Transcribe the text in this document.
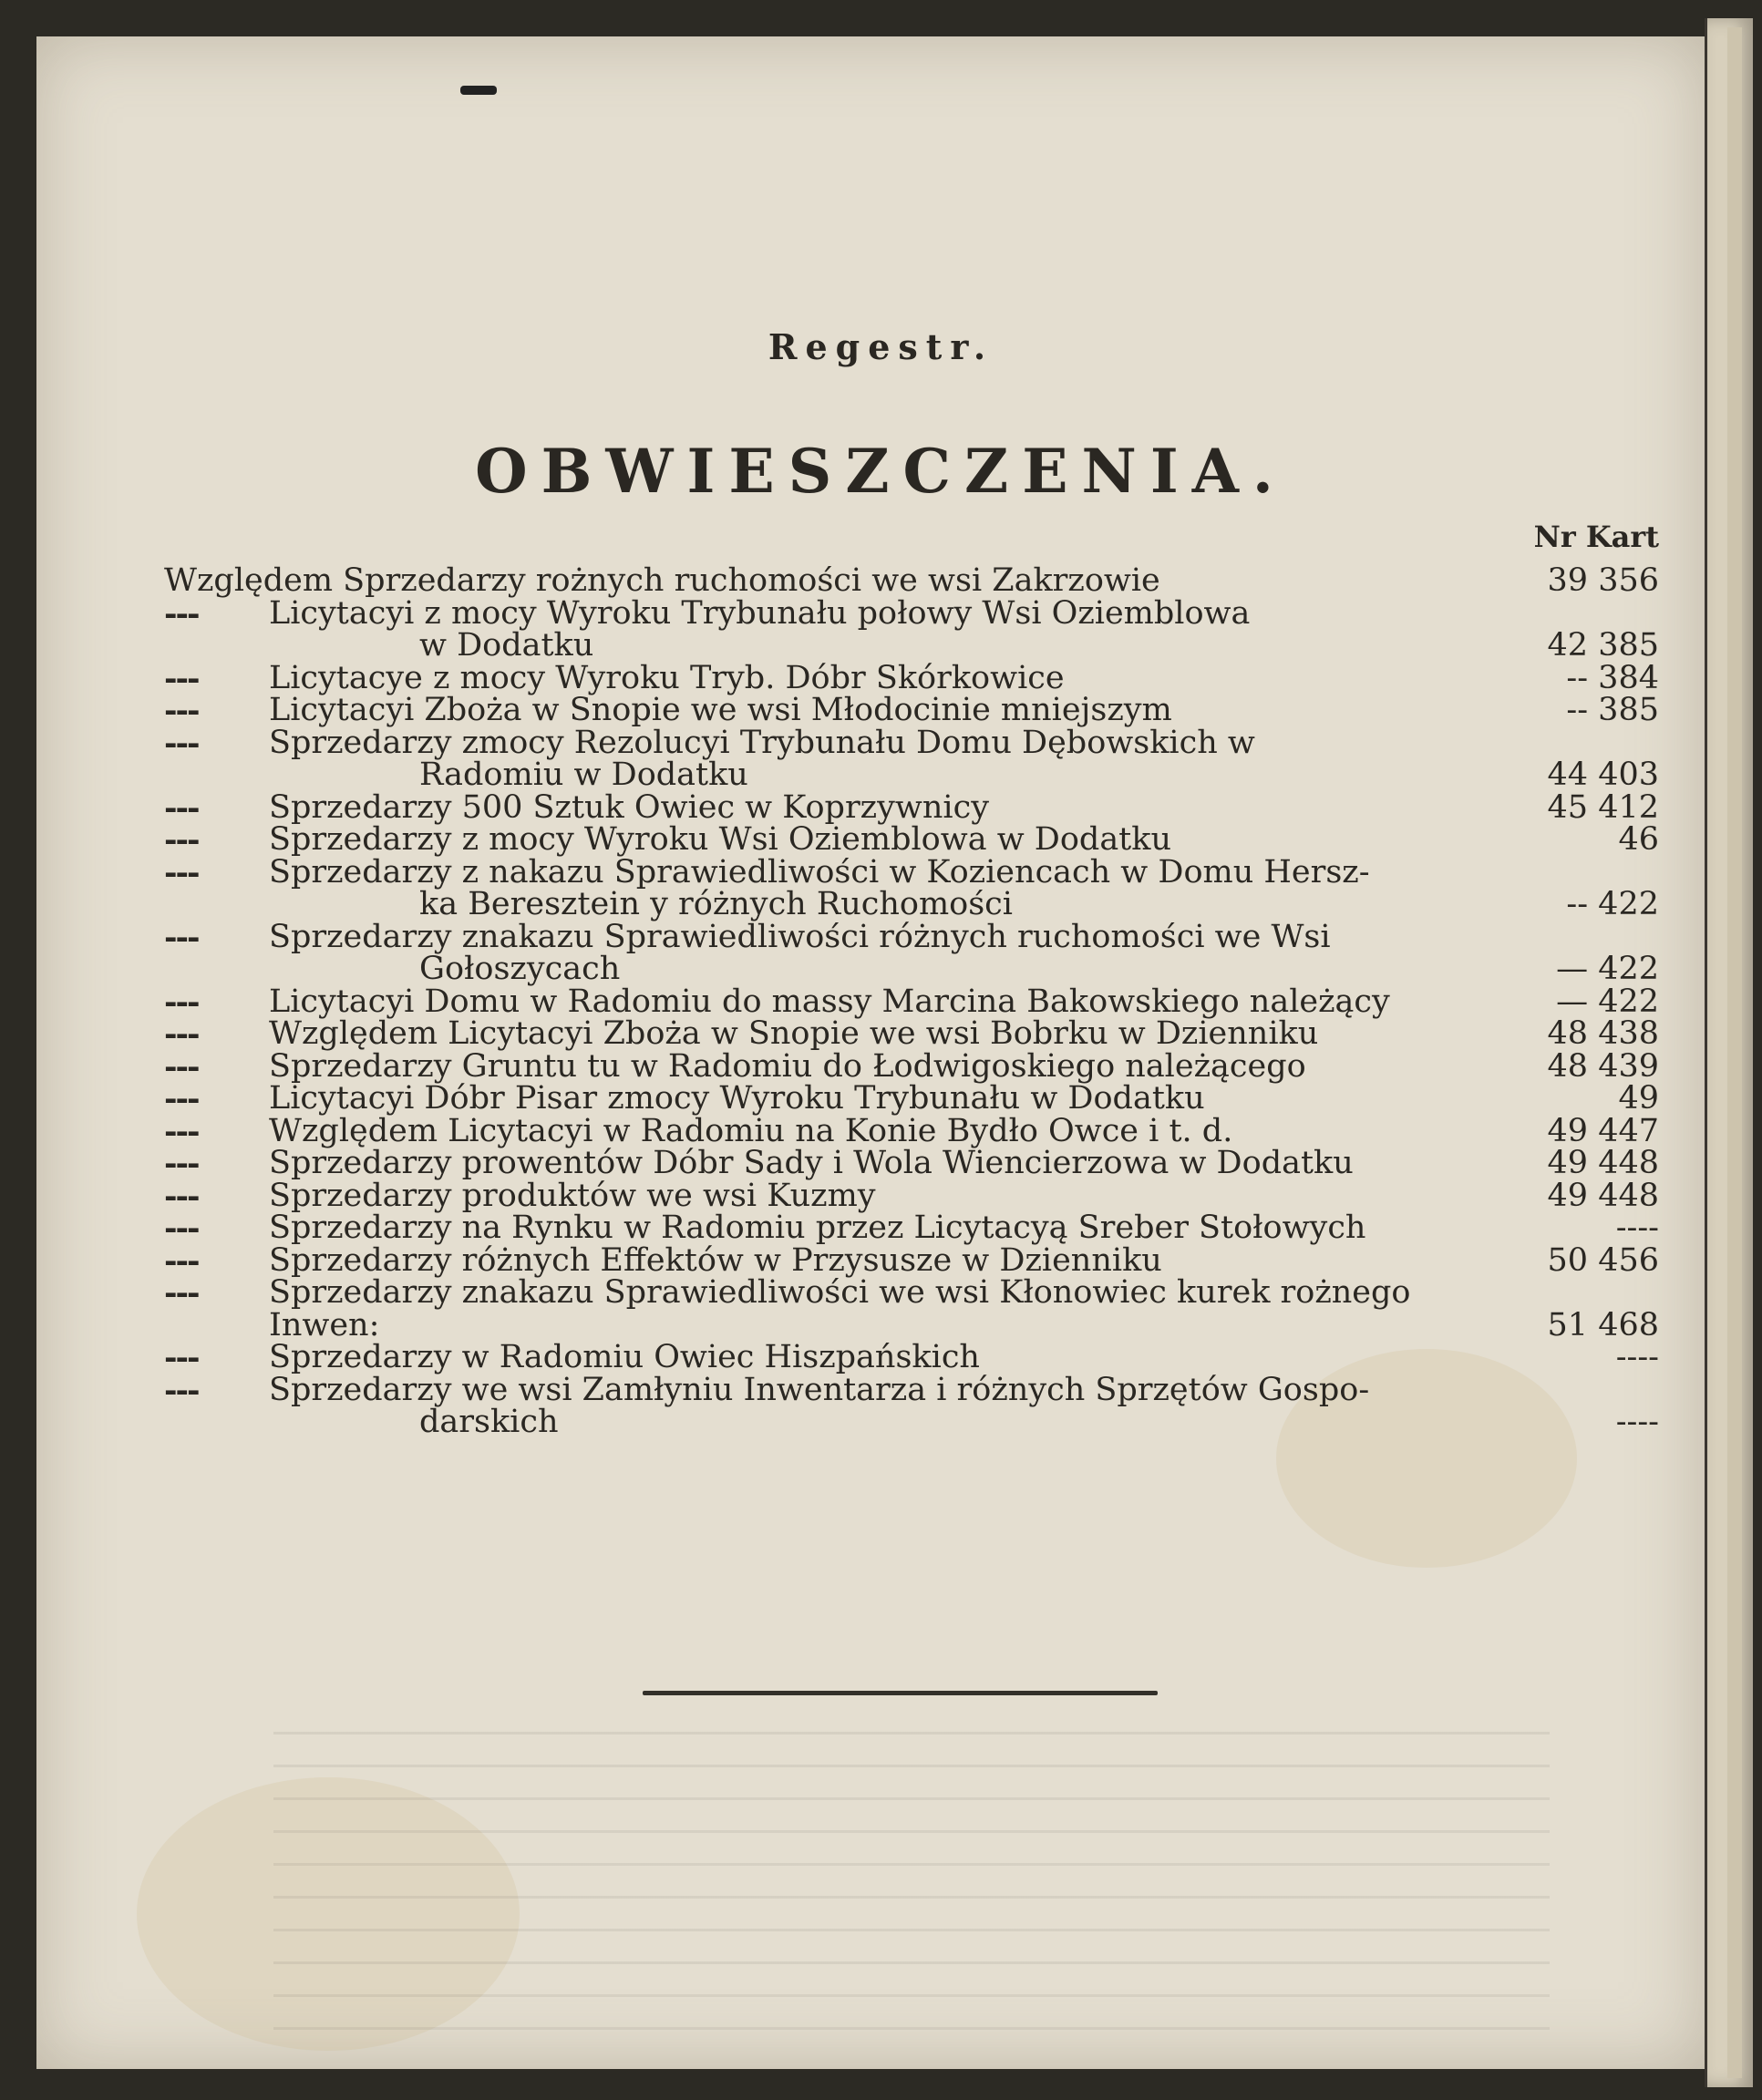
Regestr.
OBWIESZCZENIA.
Nr Kart
Względem Sprzedarzy rożnych ruchomości we wsi Zakrzowie	39 356
---	Licytacyi z mocy Wyroku Trybunału połowy Wsi Oziemblowa
w Dodatku	42 385
---	Licytacye z mocy Wyroku Tryb. Dóbr Skórkowice	-- 384
---	Licytacyi Zboża w Snopie we wsi Młodocinie mniejszym	-- 385
---	Sprzedarzy zmocy Rezolucyi Trybunału Domu Dębowskich w
Radomiu w Dodatku	44 403
---	Sprzedarzy 500 Sztuk Owiec w Koprzywnicy	45 412
---	Sprzedarzy z mocy Wyroku Wsi Oziemblowa w Dodatku	46
---	Sprzedarzy z nakazu Sprawiedliwości w Koziencach w Domu Hersz-
ka Beresztein y różnych Ruchomości	-- 422
---	Sprzedarzy znakazu Sprawiedliwości różnych ruchomości we Wsi
Gołoszycach	— 422
---	Licytacyi Domu w Radomiu do massy Marcina Bakowskiego należący	— 422
---	Względem Licytacyi Zboża w Snopie we wsi Bobrku w Dzienniku	48 438
---	Sprzedarzy Gruntu tu w Radomiu do Łodwigoskiego należącego	48 439
---	Licytacyi Dóbr Pisar zmocy Wyroku Trybunału w Dodatku	49
---	Względem Licytacyi w Radomiu na Konie Bydło Owce i t. d.	49 447
---	Sprzedarzy prowentów Dóbr Sady i Wola Wiencierzowa w Dodatku	49 448
---	Sprzedarzy produktów we wsi Kuzmy	49 448
---	Sprzedarzy na Rynku w Radomiu przez Licytacyą Sreber Stołowych	----
---	Sprzedarzy różnych Effektów w Przysusze w Dzienniku	50 456
---	Sprzedarzy znakazu Sprawiedliwości we wsi Kłonowiec kurek rożnego Inwen:	51 468
---	Sprzedarzy w Radomiu Owiec Hiszpańskich	----
---	Sprzedarzy we wsi Zamłyniu Inwentarza i różnych Sprzętów Gospo-
darskich	----
